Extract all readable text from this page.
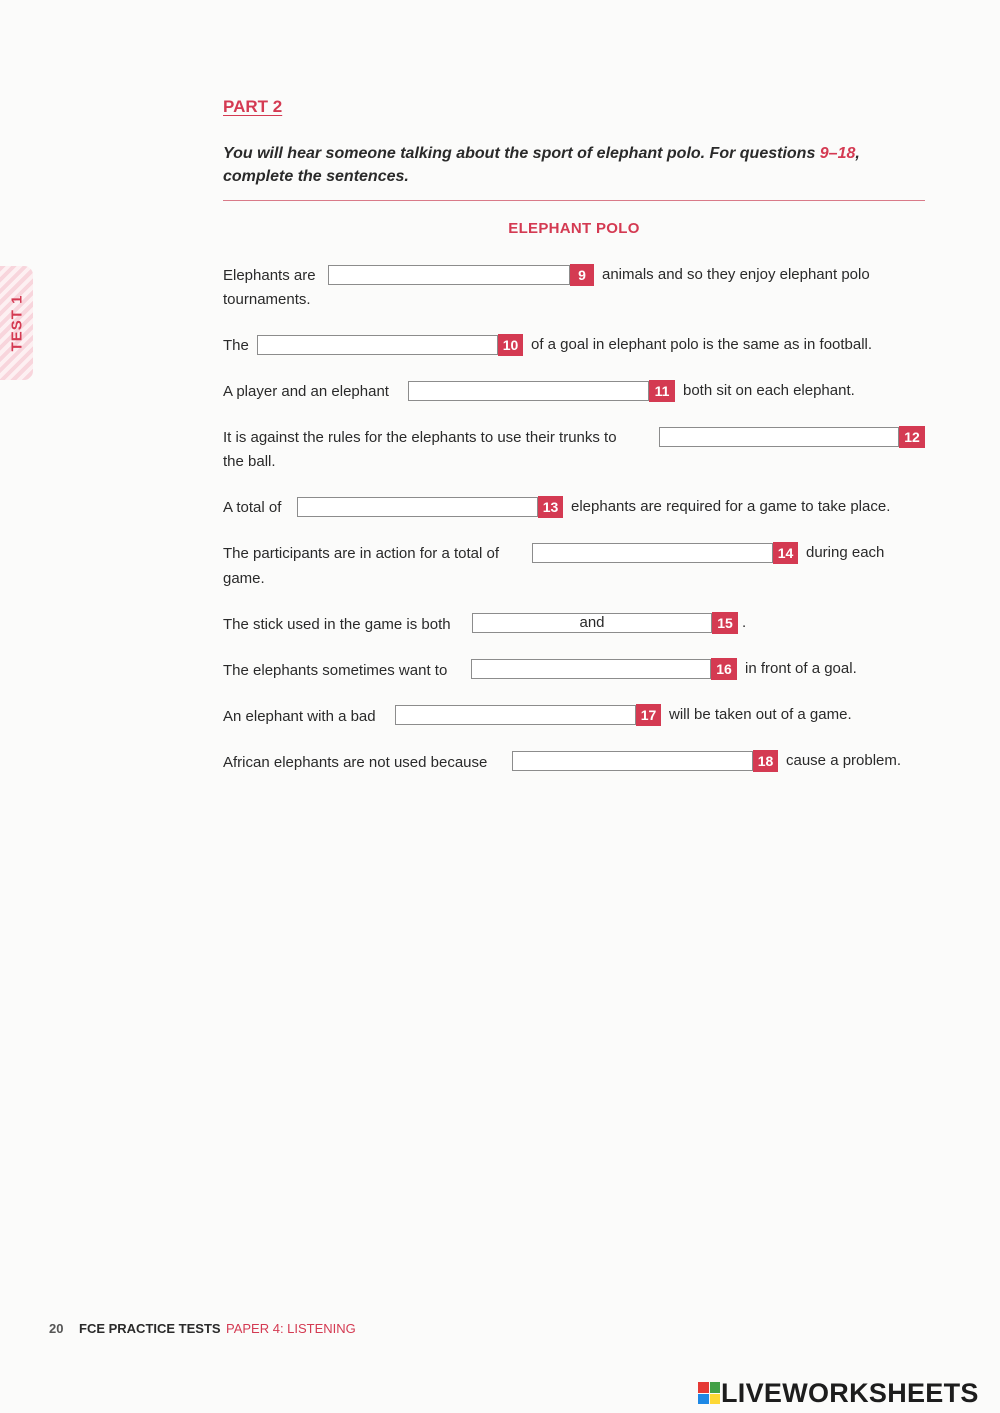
PART 2

You will hear someone talking about the sport of elephant polo. For questions 9–18, complete the sentences.

ELEPHANT POLO
TEST 1
Elephants are	9	animals and so they enjoy elephant polo
tournaments.
The	10 of a goal in elephant polo is the same as in football.
A player and an elephant	11 both sit on each elephant.
It is against the rules for the elephants to use their trunks to	12
the ball.
A total of	13 elephants are required for a game to take place.
The participants are in action for a total of	14 during each
game.
The stick used in the game is both	and	15 .
The elephants sometimes want to	16 in front of a goal.
An elephant with a bad	17 will be taken out of a game.
African elephants are not used because	18 cause a problem.
20 FCE PRACTICE TESTS PAPER 4: LISTENING
LIVEWORKSHEETS
